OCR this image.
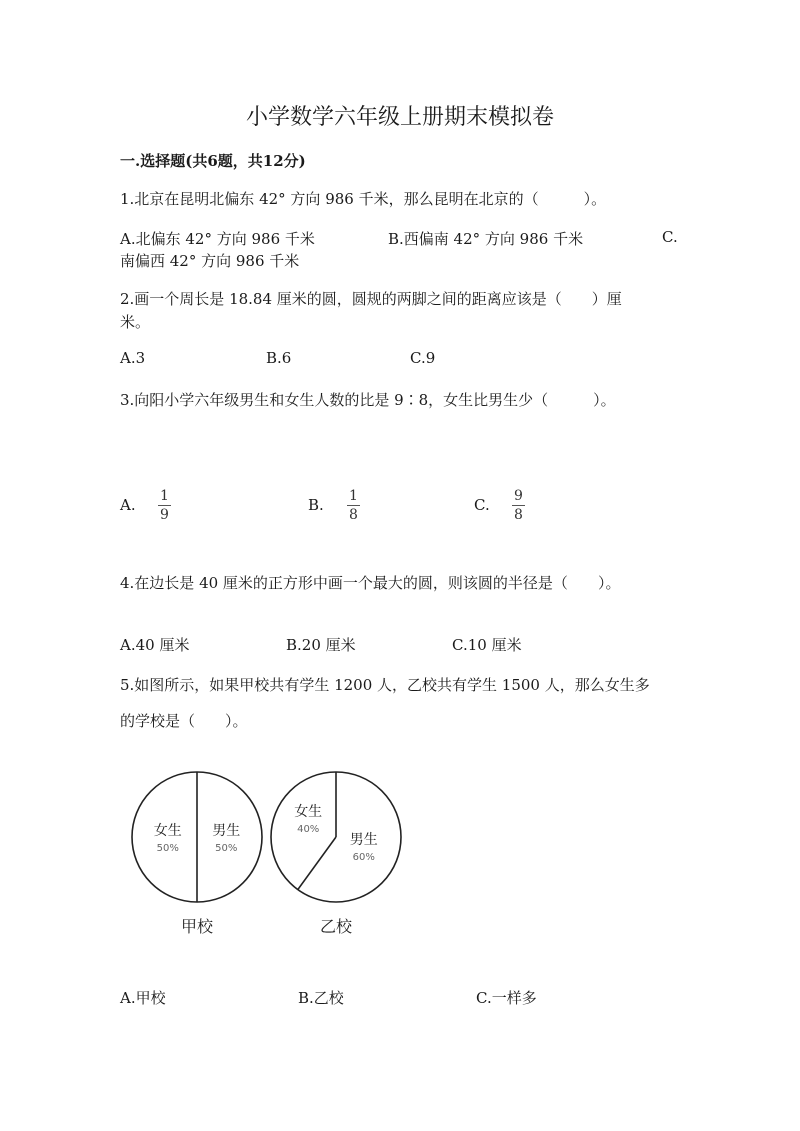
小学数学六年级上册期末模拟卷
一.选择题(共6题，共12分)
1.北京在昆明北偏东 42° 方向 986 千米，那么昆明在北京的（　　　）。
A.北偏东 42° 方向 986 千米	B.西偏南 42° 方向 986 千米	C.
南偏西 42° 方向 986 千米
2.画一个周长是 18.84 厘米的圆，圆规的两脚之间的距离应该是（　　）厘
米。
A.3	B.6	C.9
3.向阳小学六年级男生和女生人数的比是 9∶8，女生比男生少（　　　）。
A. $\frac{1}{9}$	B. $\frac{1}{8}$	C. $\frac{9}{8}$
4.在边长是 40 厘米的正方形中画一个最大的圆，则该圆的半径是（　　）。
A.40 厘米	B.20 厘米	C.10 厘米
5.如图所示，如果甲校共有学生 1200 人，乙校共有学生 1500 人，那么女生多
的学校是（　　）。
女生
50%
男生
50%
甲校
女生
40%
男生
60%
乙校
A.甲校	B.乙校	C.一样多
